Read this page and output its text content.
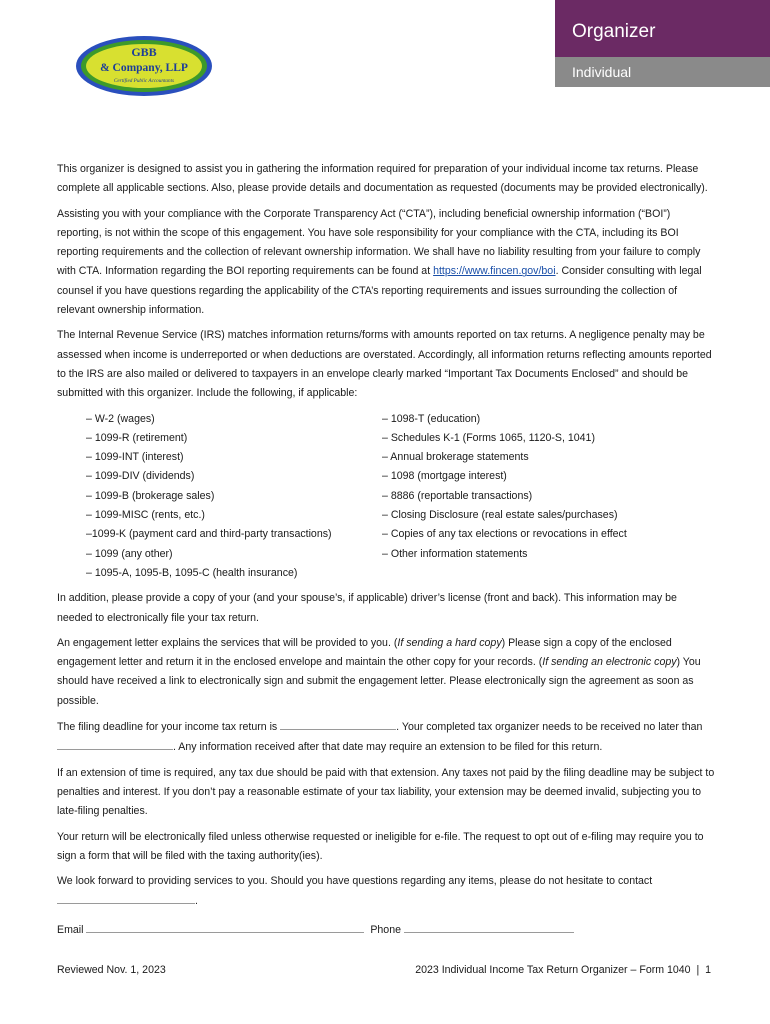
GBB
& Company, LLP
Certified Public Accountants
Organizer
Individual

This organizer is designed to assist you in gathering the information required for preparation of your individual income tax returns. Please complete all applicable sections. Also, please provide details and documentation as requested (documents may be provided electronically).

Assisting you with your compliance with the Corporate Transparency Act (“CTA”), including beneficial ownership information (“BOI”) reporting, is not within the scope of this engagement. You have sole responsibility for your compliance with the CTA, including its BOI reporting requirements and the collection of relevant ownership information. We shall have no liability resulting from your failure to comply with CTA. Information regarding the BOI reporting requirements can be found at https://www.fincen.gov/boi. Consider consulting with legal counsel if you have questions regarding the applicability of the CTA’s reporting requirements and issues surrounding the collection of relevant ownership information.

The Internal Revenue Service (IRS) matches information returns/forms with amounts reported on tax returns. A negligence penalty may be assessed when income is underreported or when deductions are overstated. Accordingly, all information returns reflecting amounts reported to the IRS are also mailed or delivered to taxpayers in an envelope clearly marked “Important Tax Documents Enclosed” and should be submitted with this organizer. Include the following, if applicable:

– W-2 (wages)
– 1099-R (retirement)
– 1099-INT (interest)
– 1099-DIV (dividends)
– 1099-B (brokerage sales)
– 1099-MISC (rents, etc.)
–1099-K (payment card and third-party transactions)
– 1099 (any other)
– 1095-A, 1095-B, 1095-C (health insurance)
– 1098-T (education)
– Schedules K-1 (Forms 1065, 1120-S, 1041)
– Annual brokerage statements
– 1098 (mortgage interest)
– 8886 (reportable transactions)
– Closing Disclosure (real estate sales/purchases)
– Copies of any tax elections or revocations in effect
– Other information statements

In addition, please provide a copy of your (and your spouse’s, if applicable) driver’s license (front and back). This information may be needed to electronically file your tax return.

An engagement letter explains the services that will be provided to you. (If sending a hard copy) Please sign a copy of the enclosed engagement letter and return it in the enclosed envelope and maintain the other copy for your records. (If sending an electronic copy) You should have received a link to electronically sign and submit the engagement letter. Please electronically sign the agreement as soon as possible.

The filing deadline for your income tax return is	. Your completed tax organizer needs to be received no later than . Any information received after that date may require an extension to be filed for this return.

If an extension of time is required, any tax due should be paid with that extension. Any taxes not paid by the filing deadline may be subject to penalties and interest. If you don’t pay a reasonable estimate of your tax liability, your extension may be deemed invalid, subjecting you to late-filing penalties.

Your return will be electronically filed unless otherwise requested or ineligible for e-file. The request to opt out of e-filing may require you to sign a form that will be filed with the taxing authority(ies).

We look forward to providing services to you. Should you have questions regarding any items, please do not hesitate to contact .

Email	Phone

Reviewed Nov. 1, 2023	2023 Individual Income Tax Return Organizer – Form 1040  |  1
